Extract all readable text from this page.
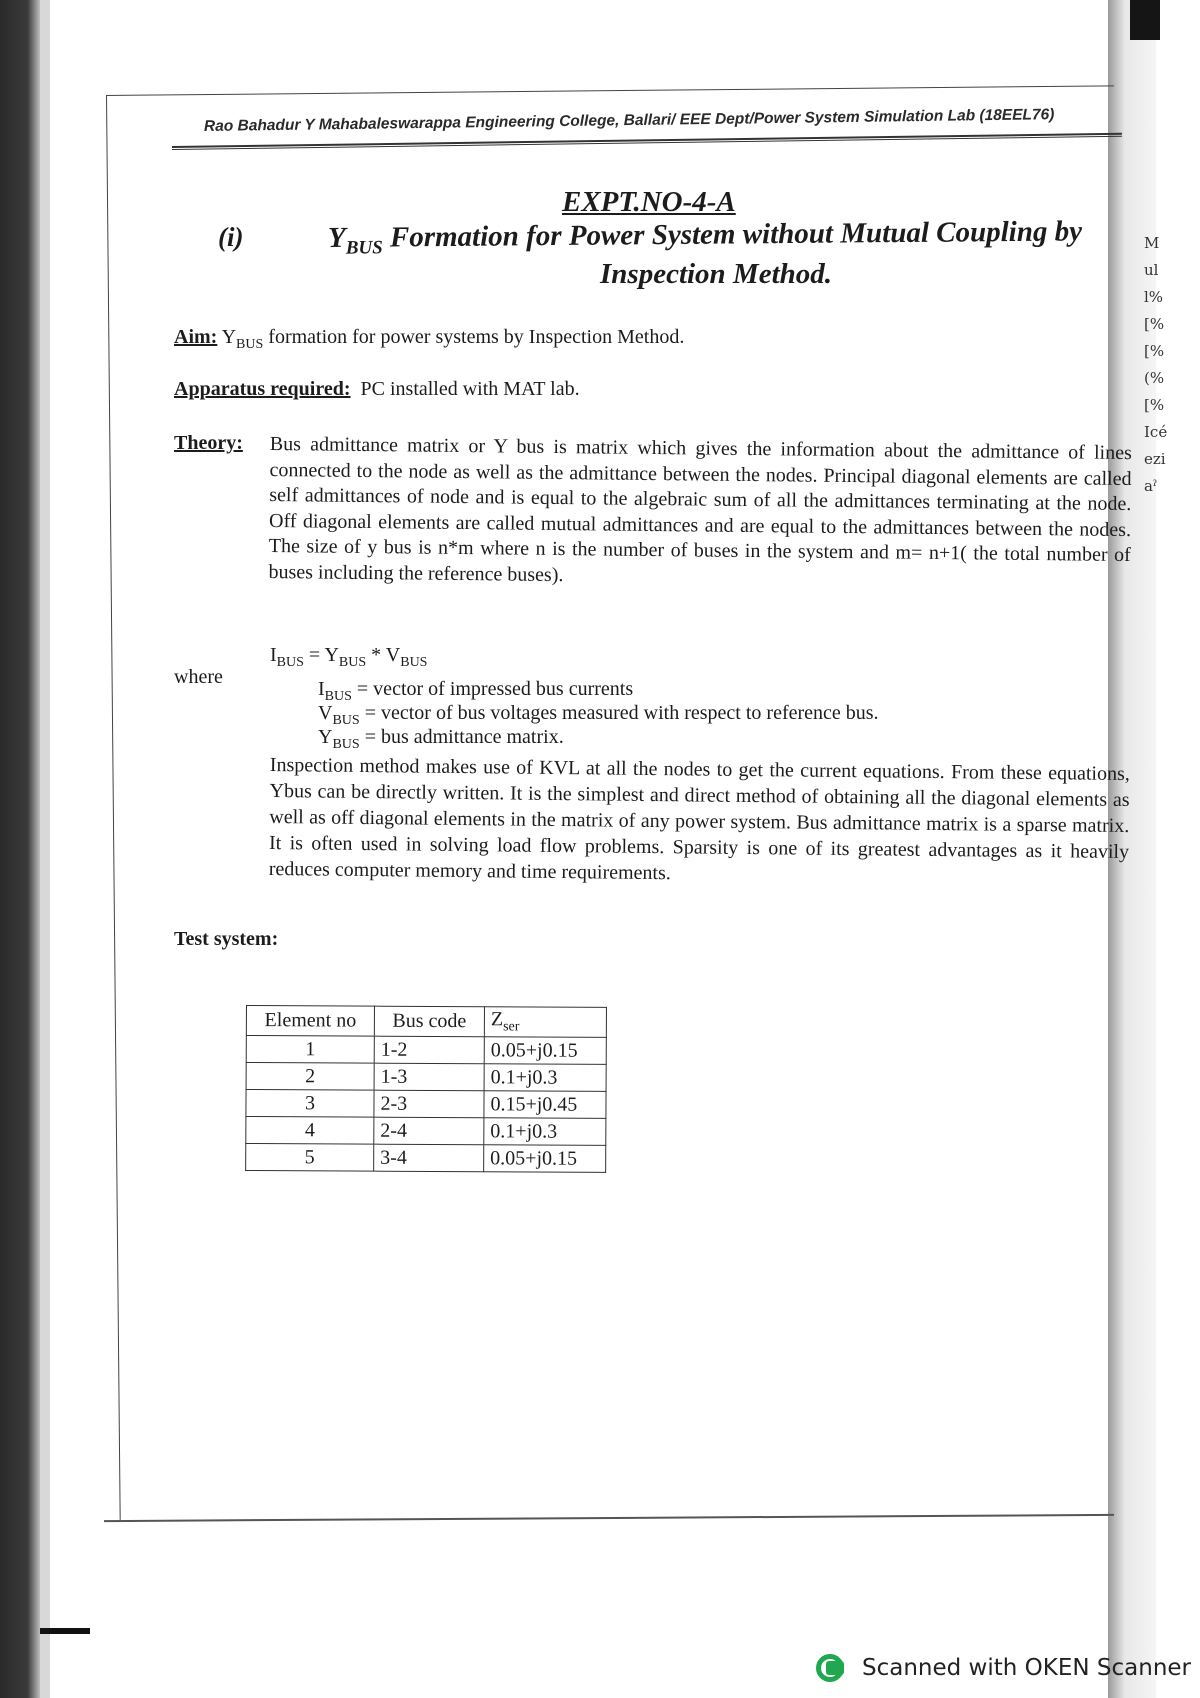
Mull%[%[%(%[%Icéeziaˀ
Rao Bahadur Y Mahabaleswarappa Engineering College, Ballari/ EEE Dept/Power System Simulation Lab (18EEL76)
EXPT.NO-4-A
(i)	$Y_{BUS}$ Formation for Power System without Mutual Coupling by
Inspection Method.
Aim: $Y_{BUS}$ formation for power systems by Inspection Method.
Apparatus required: PC installed with MAT lab.
Theory: Bus admittance matrix or Y bus is matrix which gives the information about the admittance of lines connected to the node as well as the admittance between the nodes. Principal diagonal elements are called self admittances of node and is equal to the algebraic sum of all the admittances terminating at the node. Off diagonal elements are called mutual admittances and are equal to the admittances between the nodes. The size of y bus is n*m where n is the number of buses in the system and m= n+1( the total number of buses including the reference buses).
$I_{BUS} = Y_{BUS} * V_{BUS}$
where
$I_{BUS}$ = vector of impressed bus currents
$V_{BUS}$ = vector of bus voltages measured with respect to reference bus.
$Y_{BUS}$ = bus admittance matrix.
Inspection method makes use of KVL at all the nodes to get the current equations. From these equations, Ybus can be directly written. It is the simplest and direct method of obtaining all the diagonal elements as well as off diagonal elements in the matrix of any power system. Bus admittance matrix is a sparse matrix. It is often used in solving load flow problems. Sparsity is one of its greatest advantages as it heavily reduces computer memory and time requirements.
Test system:
Element no	Bus code	$Z_{ser}$
1	1-2	0.05+j0.15
2	1-3	0.1+j0.3
3	2-3	0.15+j0.45
4	2-4	0.1+j0.3
5	3-4	0.05+j0.15
Scanned with OKEN Scanner
